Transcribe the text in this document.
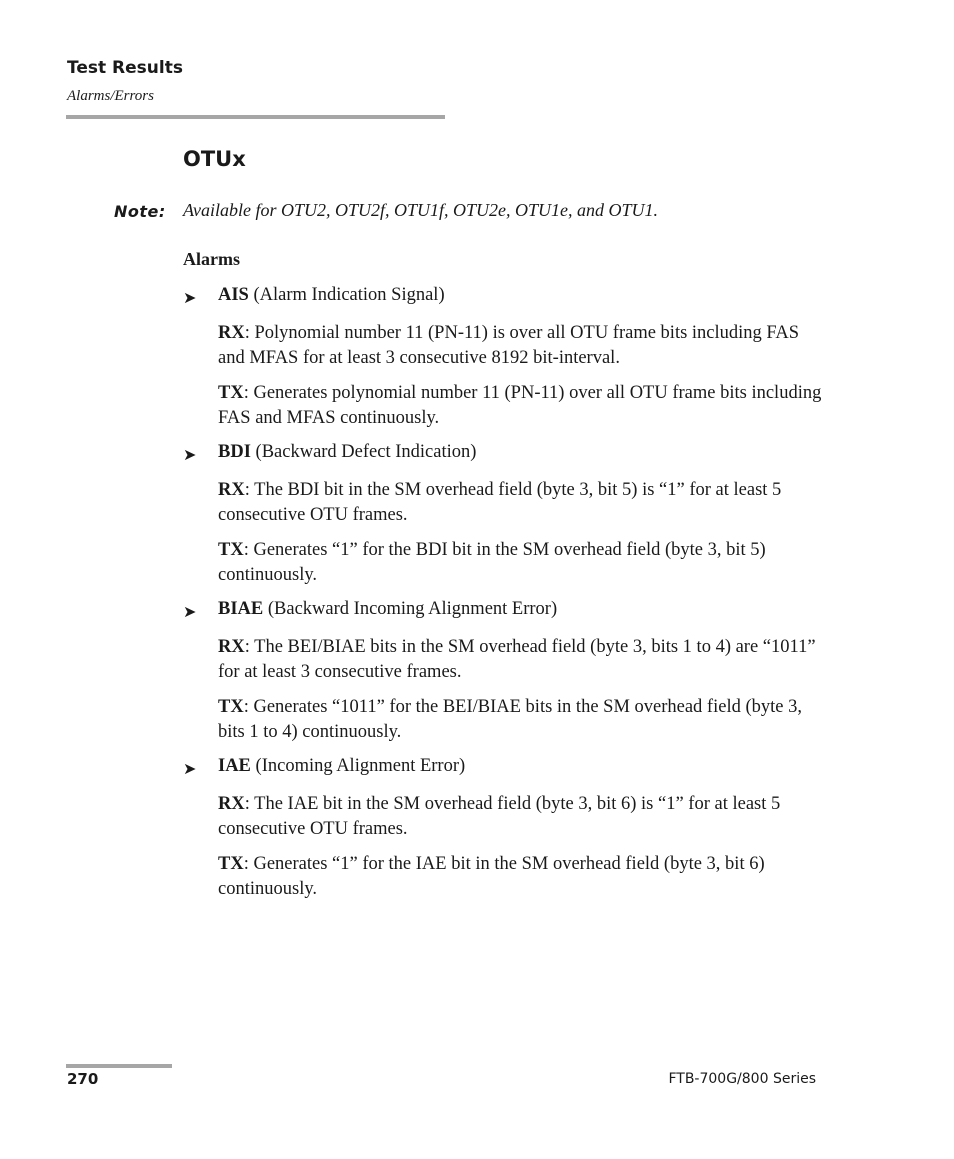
Test Results
Alarms/Errors
OTUx
Note: Available for OTU2, OTU2f, OTU1f, OTU2e, OTU1e, and OTU1.
Alarms
➤ AIS (Alarm Indication Signal)
RX: Polynomial number 11 (PN-11) is over all OTU frame bits including FAS and MFAS for at least 3 consecutive 8192 bit-interval.
TX: Generates polynomial number 11 (PN-11) over all OTU frame bits including FAS and MFAS continuously.
➤ BDI (Backward Defect Indication)
RX: The BDI bit in the SM overhead field (byte 3, bit 5) is “1” for at least 5 consecutive OTU frames.
TX: Generates “1” for the BDI bit in the SM overhead field (byte 3, bit 5) continuously.
➤ BIAE (Backward Incoming Alignment Error)
RX: The BEI/BIAE bits in the SM overhead field (byte 3, bits 1 to 4) are “1011” for at least 3 consecutive frames.
TX: Generates “1011” for the BEI/BIAE bits in the SM overhead field (byte 3, bits 1 to 4) continuously.
➤ IAE (Incoming Alignment Error)
RX: The IAE bit in the SM overhead field (byte 3, bit 6) is “1” for at least 5 consecutive OTU frames.
TX: Generates “1” for the IAE bit in the SM overhead field (byte 3, bit 6) continuously.
270	FTB-700G/800 Series
